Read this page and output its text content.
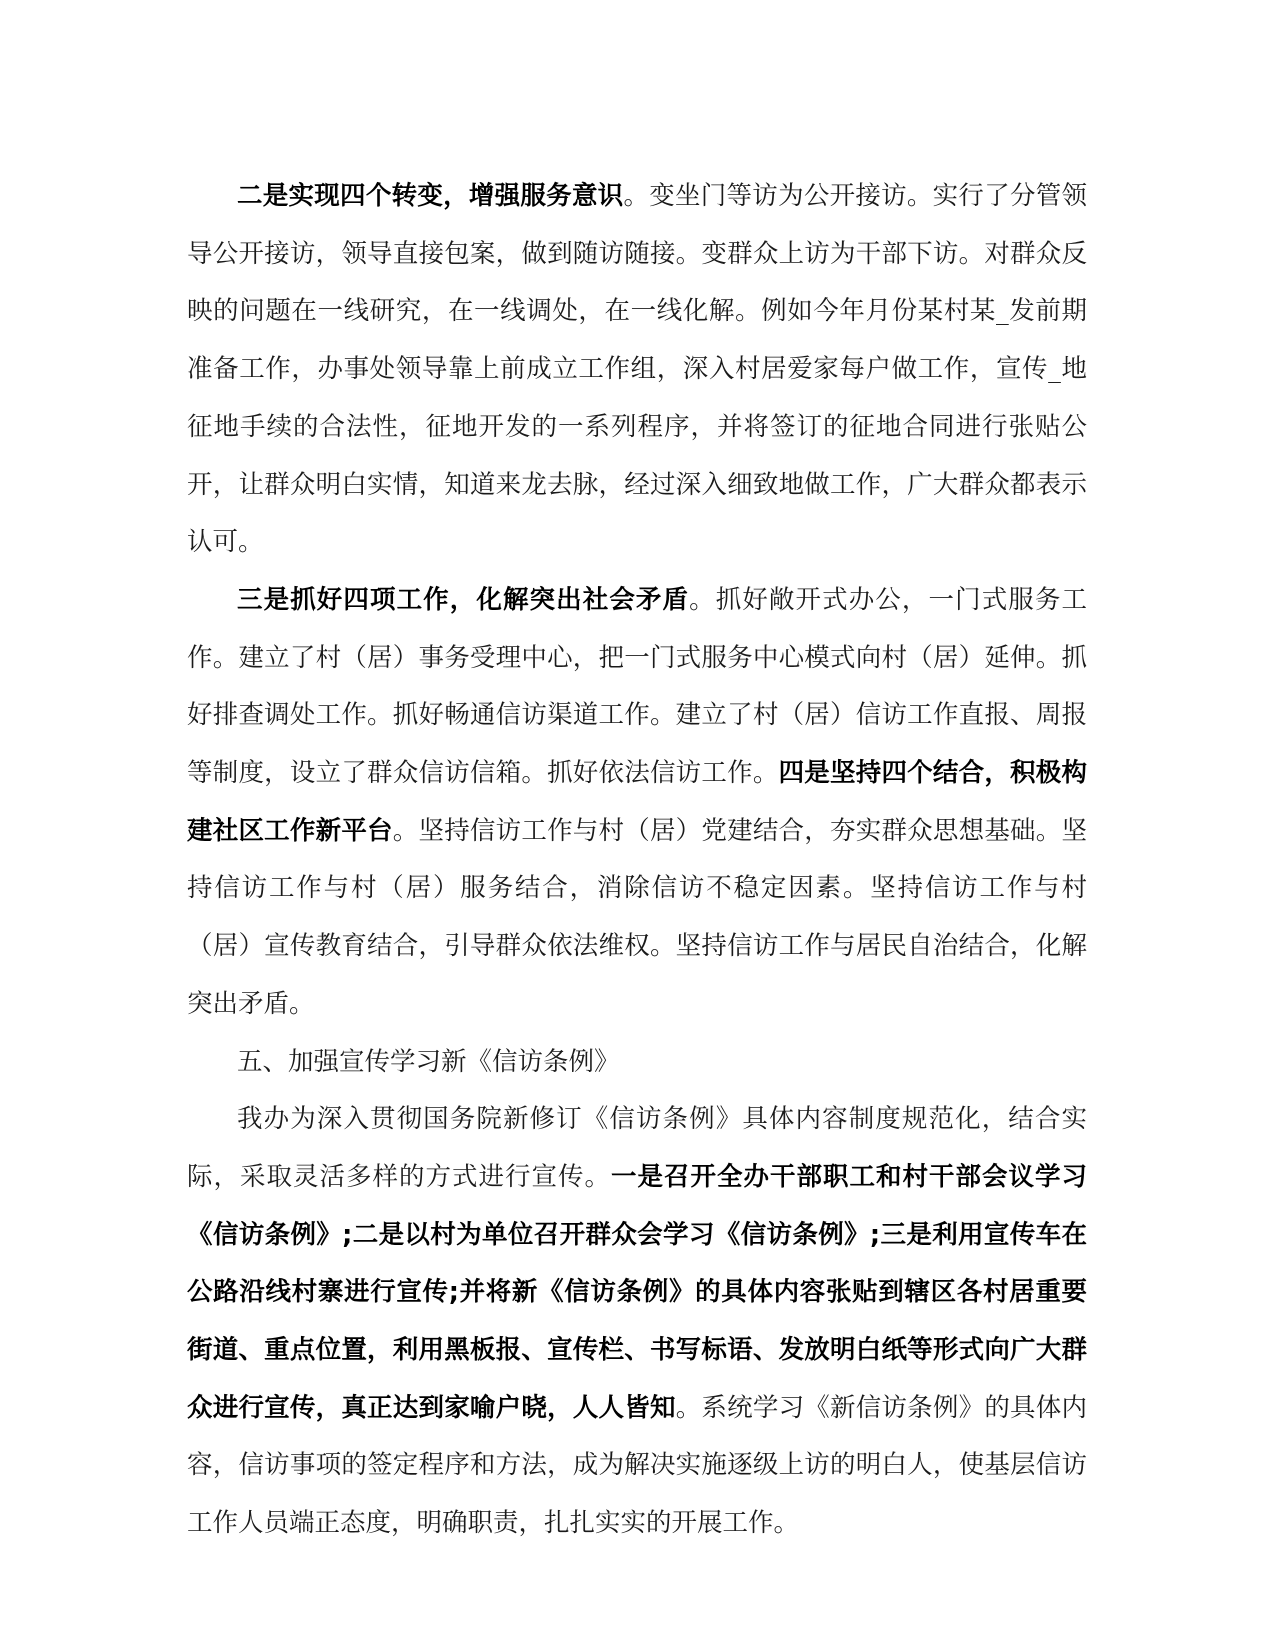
二是实现四个转变，增强服务意识。变坐门等访为公开接访。实行了分管领导公开接访，领导直接包案，做到随访随接。变群众上访为干部下访。对群众反映的问题在一线研究，在一线调处，在一线化解。例如今年月份某村某_发前期准备工作，办事处领导靠上前成立工作组，深入村居爱家每户做工作，宣传_地征地手续的合法性，征地开发的一系列程序，并将签订的征地合同进行张贴公开，让群众明白实情，知道来龙去脉，经过深入细致地做工作，广大群众都表示认可。

三是抓好四项工作，化解突出社会矛盾。抓好敞开式办公，一门式服务工作。建立了村（居）事务受理中心，把一门式服务中心模式向村（居）延伸。抓好排查调处工作。抓好畅通信访渠道工作。建立了村（居）信访工作直报、周报等制度，设立了群众信访信箱。抓好依法信访工作。四是坚持四个结合，积极构建社区工作新平台。坚持信访工作与村（居）党建结合，夯实群众思想基础。坚持信访工作与村（居）服务结合，消除信访不稳定因素。坚持信访工作与村（居）宣传教育结合，引导群众依法维权。坚持信访工作与居民自治结合，化解突出矛盾。

五、加强宣传学习新《信访条例》

我办为深入贯彻国务院新修订《信访条例》具体内容制度规范化，结合实际，采取灵活多样的方式进行宣传。一是召开全办干部职工和村干部会议学习《信访条例》;二是以村为单位召开群众会学习《信访条例》;三是利用宣传车在公路沿线村寨进行宣传;并将新《信访条例》的具体内容张贴到辖区各村居重要街道、重点位置，利用黑板报、宣传栏、书写标语、发放明白纸等形式向广大群众进行宣传，真正达到家喻户晓，人人皆知。系统学习《新信访条例》的具体内容，信访事项的签定程序和方法，成为解决实施逐级上访的明白人，使基层信访工作人员端正态度，明确职责，扎扎实实的开展工作。
